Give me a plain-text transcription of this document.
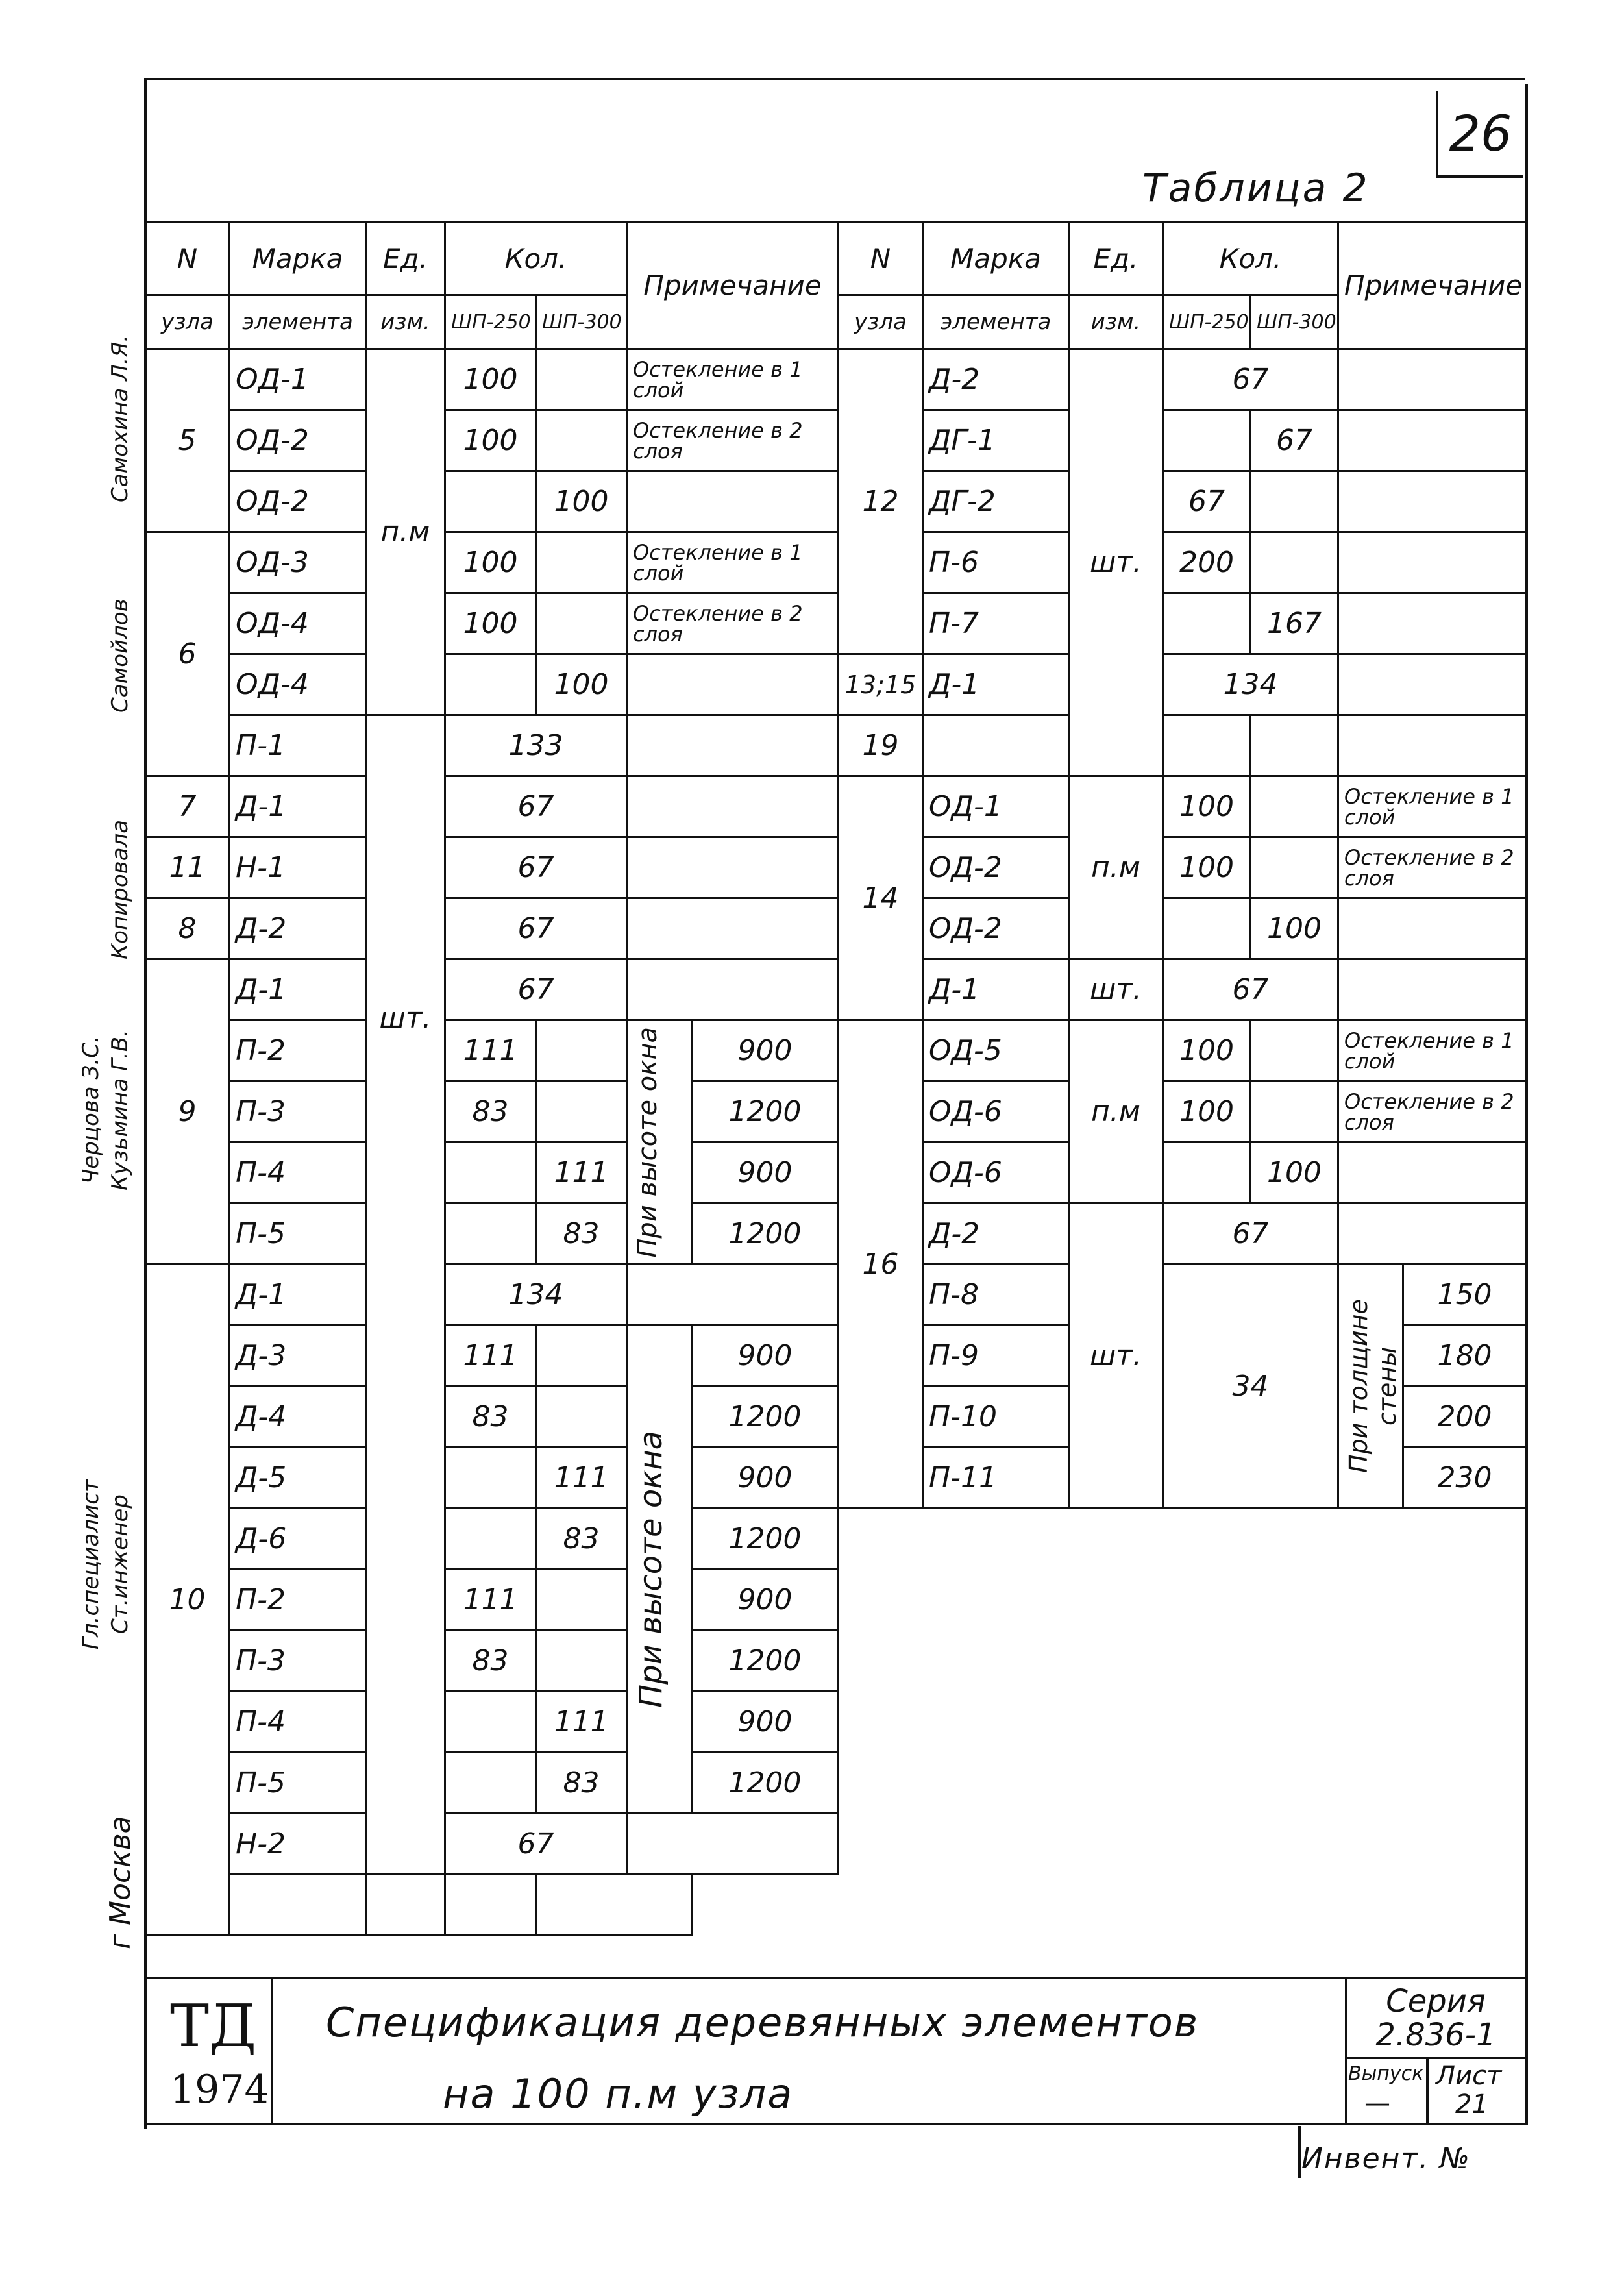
26
Таблица 2
N	Марка	Ед.	Кол.		Примечание	
узла	элемента	изм.	ШП-250	ШП-300		
5	ОД-1	п.м	100		Остекление в 1 слой	
	ОД-2		100		Остекление в 2 слоя	
	ОД-2			100		
6	ОД-3		100		Остекление в 1 слой	
	ОД-4		100		Остекление в 2 слоя	
	ОД-4			100		
	П-1	шт.	133			
7	Д-1		67			
11	Н-1		67			
8	Д-2		67			
9	Д-1		67			
	П-2		111		При высоте окна	900
	П-3		83			1200
	П-4			111		900
	П-5			83		1200
10	Д-1		134			
	Д-3		111		При высоте окна	900
	Д-4		83			1200
	Д-5			111		900
	Д-6			83		1200
	П-2		111			900
	П-3		83			1200
	П-4			111		900
	П-5			83		1200
	Н-2		67			

N	Марка	Ед.	Кол.		Примечание	
узла	элемента	изм.	ШП-250	ШП-300		
12	Д-2	шт.	67			
	ДГ-1			67		
	ДГ-2		67			
	П-6		200			
	П-7			167		
13;15	Д-1		134			
19						
14	ОД-1	п.м	100		Остекление в 1 слой	
	ОД-2		100		Остекление в 2 слоя	
	ОД-2			100		
	Д-1	шт.	67			
16	ОД-5	п.м	100		Остекление в 1 слой	
	ОД-6		100		Остекление в 2 слоя	
	ОД-6			100		
	Д-2	шт.	67			
	П-8		34		При толщине стены	150
	П-9					180
	П-10					200
	П-11					230
Самохина Л.Я.
Самойлов
Копировала
Черцова З.С. Кузьмина Г.В.
Гл.специалист Ст.инженер
г Москва
ТД
1974
Спецификация деревянных элементов
на 100 п.м узла
Серия
2.836-1
Выпуск
—
Лист
21
Инвент. №
